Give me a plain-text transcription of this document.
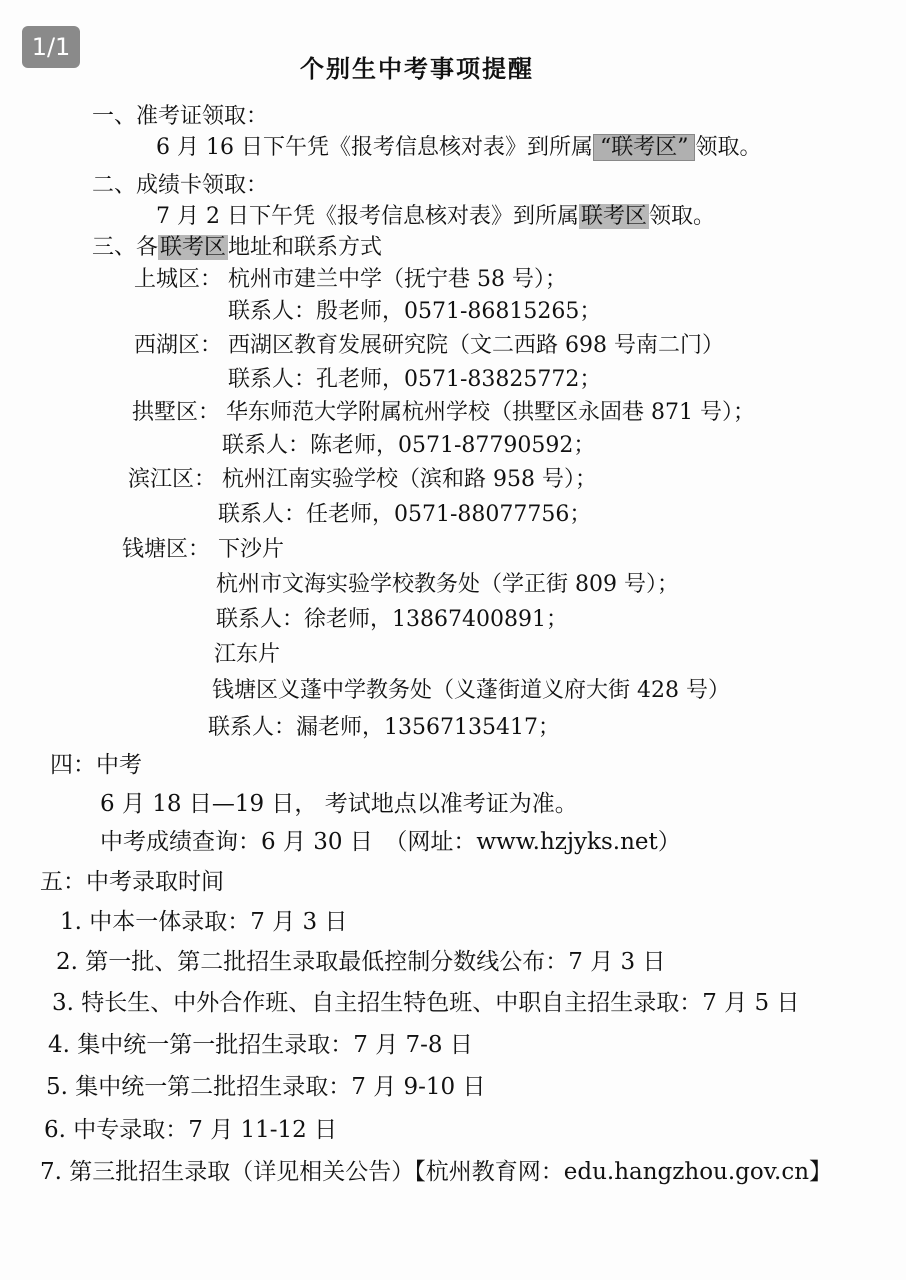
1/1
个别生中考事项提醒
一、准考证领取：
6 月 16 日下午凭《报考信息核对表》到所属 “联考区” 领取。
二、成绩卡领取：
7 月 2 日下午凭《报考信息核对表》到所属联考区领取。
三、各联考区地址和联系方式
上城区： 杭州市建兰中学（抚宁巷 58 号）；
联系人：殷老师，0571-86815265；
西湖区： 西湖区教育发展研究院（文二西路 698 号南二门）
联系人：孔老师，0571-83825772；
拱墅区： 华东师范大学附属杭州学校（拱墅区永固巷 871 号）；
联系人：陈老师，0571-87790592；
滨江区： 杭州江南实验学校（滨和路 958 号）；
联系人：任老师，0571-88077756；
钱塘区： 下沙片
杭州市文海实验学校教务处（学正街 809 号）；
联系人：徐老师，13867400891；
江东片
钱塘区义蓬中学教务处（义蓬街道义府大街 428 号）
联系人：漏老师，13567135417；
四：中考
6 月 18 日—19 日， 考试地点以准考证为准。
中考成绩查询：6 月 30 日　（网址：www.hzjyks.net）
五：中考录取时间
1. 中本一体录取：7 月 3 日
2. 第一批、第二批招生录取最低控制分数线公布：7 月 3 日
3. 特长生、中外合作班、自主招生特色班、中职自主招生录取：7 月 5 日
4. 集中统一第一批招生录取：7 月 7-8 日
5. 集中统一第二批招生录取：7 月 9-10 日
6. 中专录取：7 月 11-12 日
7. 第三批招生录取（详见相关公告）【杭州教育网：edu.hangzhou.gov.cn】
